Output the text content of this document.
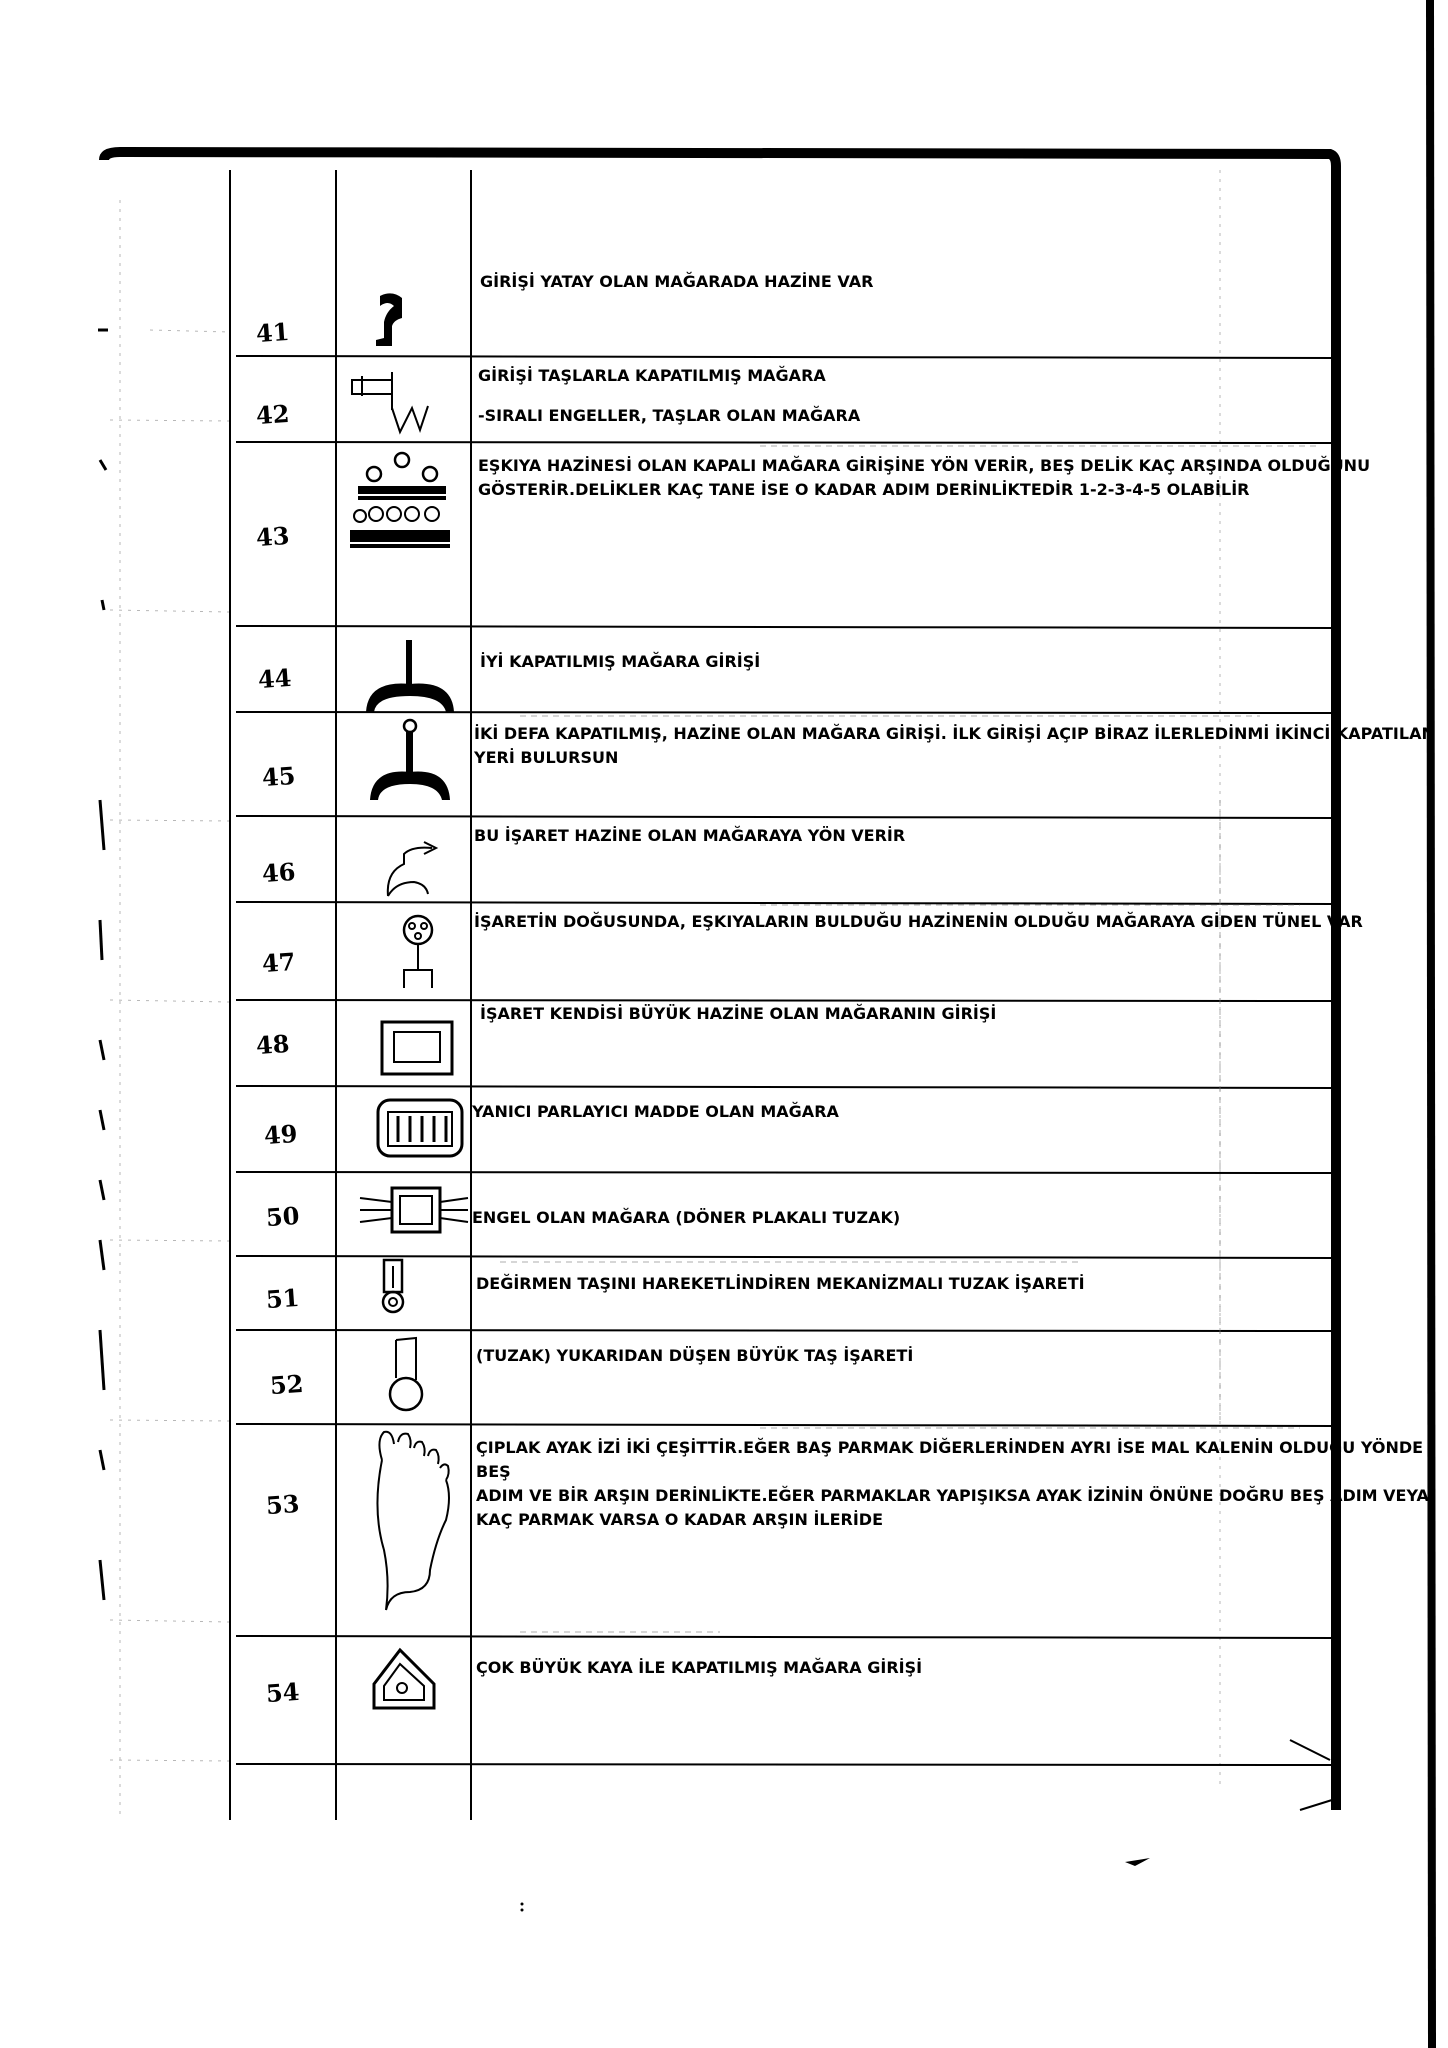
41
42
43
44
45
46
47
48
49
50
51
52
53
54
GİRİŞİ YATAY OLAN MAĞARADA HAZİNE VAR
GİRİŞİ TAŞLARLA KAPATILMIŞ MAĞARA
-SIRALI ENGELLER, TAŞLAR OLAN MAĞARA
EŞKIYA HAZİNESİ OLAN KAPALI MAĞARA GİRİŞİNE YÖN VERİR, BEŞ DELİK KAÇ ARŞINDA OLDUĞUNU
GÖSTERİR.DELİKLER KAÇ TANE İSE O KADAR ADIM DERİNLİKTEDİR 1-2-3-4-5 OLABİLİR
İYİ KAPATILMIŞ MAĞARA GİRİŞİ
İKİ DEFA KAPATILMIŞ, HAZİNE OLAN MAĞARA GİRİŞİ. İLK GİRİŞİ AÇIP BİRAZ İLERLEDİNMİ İKİNCİ KAPATILAN
YERİ BULURSUN
BU İŞARET HAZİNE OLAN MAĞARAYA YÖN VERİR
İŞARETİN DOĞUSUNDA, EŞKIYALARIN BULDUĞU HAZİNENİN OLDUĞU MAĞARAYA GİDEN TÜNEL VAR
İŞARET KENDİSİ BÜYÜK HAZİNE OLAN MAĞARANIN GİRİŞİ
YANICI PARLAYICI MADDE OLAN MAĞARA
ENGEL OLAN MAĞARA (DÖNER PLAKALI TUZAK)
DEĞİRMEN TAŞINI HAREKETLİNDİREN MEKANİZMALI TUZAK İŞARETİ
(TUZAK) YUKARIDAN DÜŞEN BÜYÜK TAŞ İŞARETİ
ÇIPLAK AYAK İZİ İKİ ÇEŞİTTİR.EĞER BAŞ PARMAK DİĞERLERİNDEN AYRI İSE MAL KALENİN OLDUĞU YÖNDE BEŞ
ADIM VE BİR ARŞIN DERİNLİKTE.EĞER PARMAKLAR YAPIŞIKSA AYAK İZİNİN ÖNÜNE DOĞRU BEŞ ADIM VEYA
KAÇ PARMAK VARSA O KADAR ARŞIN İLERİDE
ÇOK BÜYÜK KAYA İLE KAPATILMIŞ MAĞARA GİRİŞİ
